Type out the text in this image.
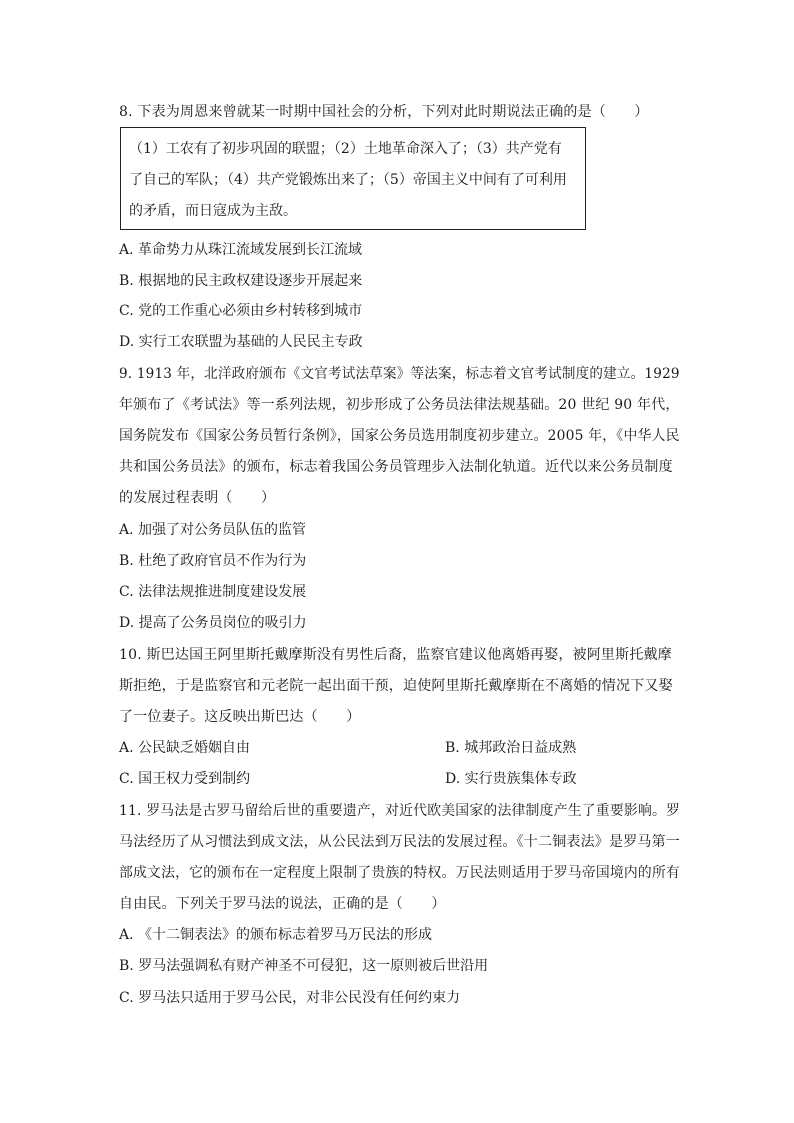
8. 下表为周恩来曾就某一时期中国社会的分析，下列对此时期说法正确的是（　　）
（1）工农有了初步巩固的联盟；（2）土地革命深入了；（3）共产党有
了自己的军队；（4）共产党锻炼出来了；（5）帝国主义中间有了可利用
的矛盾，而日寇成为主敌。
A. 革命势力从珠江流域发展到长江流域
B. 根据地的民主政权建设逐步开展起来
C. 党的工作重心必须由乡村转移到城市
D. 实行工农联盟为基础的人民民主专政
9. 1913 年，北洋政府颁布《文官考试法草案》等法案，标志着文官考试制度的建立。1929
年颁布了《考试法》等一系列法规，初步形成了公务员法律法规基础。20 世纪 90 年代，
国务院发布《国家公务员暂行条例》，国家公务员选用制度初步建立。2005 年，《中华人民
共和国公务员法》的颁布，标志着我国公务员管理步入法制化轨道。近代以来公务员制度
的发展过程表明（　　）
A. 加强了对公务员队伍的监管
B. 杜绝了政府官员不作为行为
C. 法律法规推进制度建设发展
D. 提高了公务员岗位的吸引力
10. 斯巴达国王阿里斯托戴摩斯没有男性后裔，监察官建议他离婚再娶，被阿里斯托戴摩
斯拒绝，于是监察官和元老院一起出面干预，迫使阿里斯托戴摩斯在不离婚的情况下又娶
了一位妻子。这反映出斯巴达（　　）
A. 公民缺乏婚姻自由	B. 城邦政治日益成熟
C. 国王权力受到制约	D. 实行贵族集体专政
11. 罗马法是古罗马留给后世的重要遗产，对近代欧美国家的法律制度产生了重要影响。罗
马法经历了从习惯法到成文法，从公民法到万民法的发展过程。《十二铜表法》是罗马第一
部成文法，它的颁布在一定程度上限制了贵族的特权。万民法则适用于罗马帝国境内的所有
自由民。下列关于罗马法的说法，正确的是（　　）
A. 《十二铜表法》的颁布标志着罗马万民法的形成
B. 罗马法强调私有财产神圣不可侵犯，这一原则被后世沿用
C. 罗马法只适用于罗马公民，对非公民没有任何约束力
